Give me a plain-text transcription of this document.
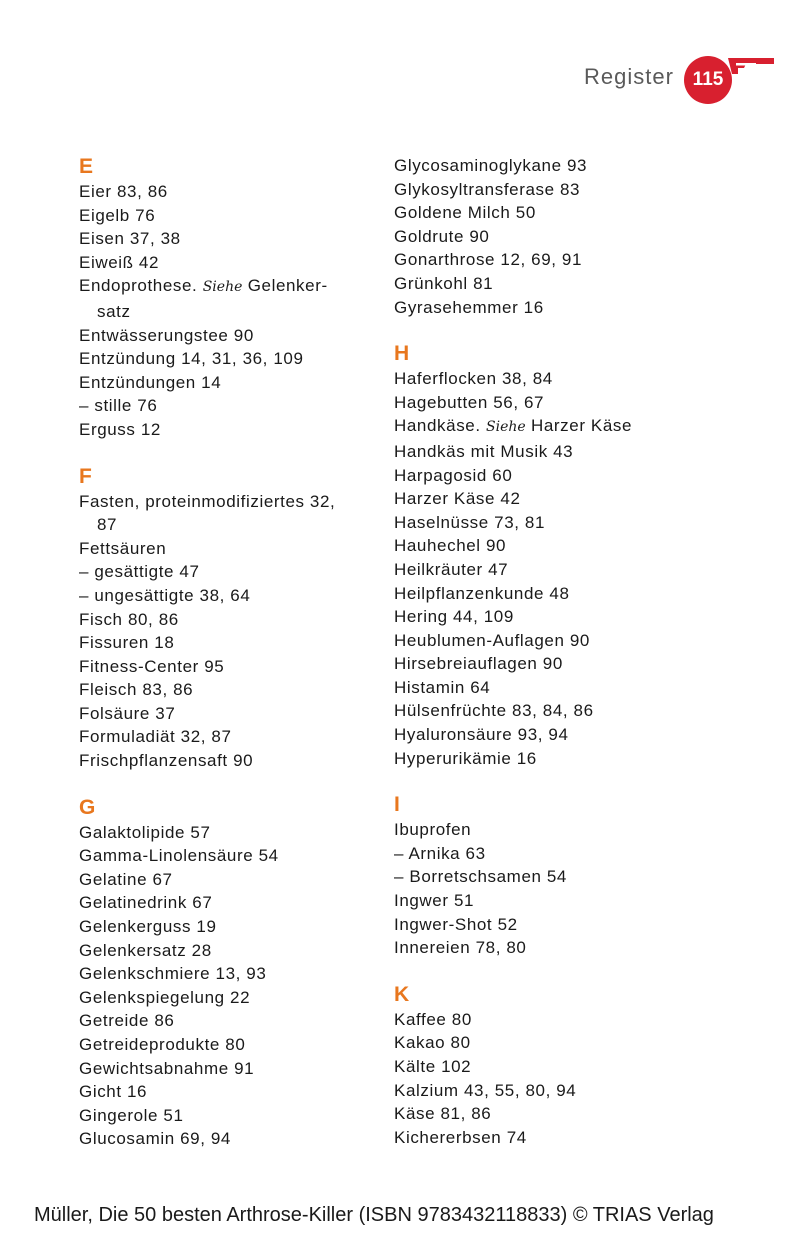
Register 115
E
Eier 83, 86
Eigelb 76
Eisen 37, 38
Eiweiß 42
Endoprothese. Siehe Gelenker-
satz
Entwässerungstee 90
Entzündung 14, 31, 36, 109
Entzündungen 14
– stille 76
Erguss 12
F
Fasten, proteinmodifiziertes 32,
87
Fettsäuren
– gesättigte 47
– ungesättigte 38, 64
Fisch 80, 86
Fissuren 18
Fitness-Center 95
Fleisch 83, 86
Folsäure 37
Formuladiät 32, 87
Frischpflanzensaft 90
G
Galaktolipide 57
Gamma-Linolensäure 54
Gelatine 67
Gelatinedrink 67
Gelenkerguss 19
Gelenkersatz 28
Gelenkschmiere 13, 93
Gelenkspiegelung 22
Getreide 86
Getreideprodukte 80
Gewichtsabnahme 91
Gicht 16
Gingerole 51
Glucosamin 69, 94
Glycosaminoglykane 93
Glykosyltransferase 83
Goldene Milch 50
Goldrute 90
Gonarthrose 12, 69, 91
Grünkohl 81
Gyrasehemmer 16
H
Haferflocken 38, 84
Hagebutten 56, 67
Handkäse. Siehe Harzer Käse
Handkäs mit Musik 43
Harpagosid 60
Harzer Käse 42
Haselnüsse 73, 81
Hauhechel 90
Heilkräuter 47
Heilpflanzenkunde 48
Hering 44, 109
Heublumen-Auflagen 90
Hirsebreiauflagen 90
Histamin 64
Hülsenfrüchte 83, 84, 86
Hyaluronsäure 93, 94
Hyperurikämie 16
I
Ibuprofen
– Arnika 63
– Borretschsamen 54
Ingwer 51
Ingwer-Shot 52
Innereien 78, 80
K
Kaffee 80
Kakao 80
Kälte 102
Kalzium 43, 55, 80, 94
Käse 81, 86
Kichererbsen 74
Müller, Die 50 besten Arthrose-Killer (ISBN 9783432118833) © TRIAS Verlag
